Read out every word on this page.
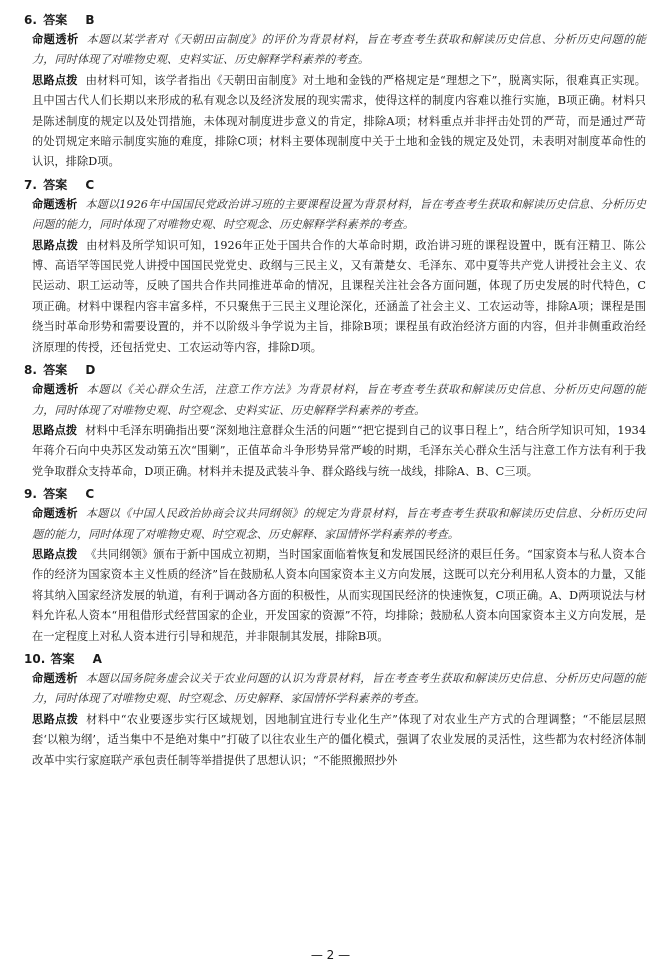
6. 答案 B

命题透析 本题以某学者对《天朝田亩制度》的评价为背景材料，旨在考查考生获取和解读历史信息、分析历史问题的能力，同时体现了对唯物史观、史料实证、历史解释学科素养的考查。

思路点拨 由材料可知，该学者指出《天朝田亩制度》对土地和金钱的严格规定是“理想之下”，脱离实际，很难真正实现。且中国古代人们长期以来形成的私有观念以及经济发展的现实需求，使得这样的制度内容难以推行实施，B项正确。材料只是陈述制度的规定以及处罚措施，未体现对制度进步意义的肯定，排除A项；材料重点并非抨击处罚的严苛，而是通过严苛的处罚规定来暗示制度实施的难度，排除C项；材料主要体现制度中关于土地和金钱的规定及处罚，未表明对制度革命性的认识，排除D项。

7. 答案 C

命题透析 本题以1926年中国国民党政治讲习班的主要课程设置为背景材料，旨在考查考生获取和解读历史信息、分析历史问题的能力，同时体现了对唯物史观、时空观念、历史解释学科素养的考查。

思路点拨 由材料及所学知识可知，1926年正处于国共合作的大革命时期，政治讲习班的课程设置中，既有汪精卫、陈公博、高语罕等国民党人讲授中国国民党党史、政纲与三民主义，又有萧楚女、毛泽东、邓中夏等共产党人讲授社会主义、农民运动、职工运动等，反映了国共合作共同推进革命的情况，且课程关注社会各方面问题，体现了历史发展的时代特色，C项正确。材料中课程内容丰富多样，不只聚焦于三民主义理论深化，还涵盖了社会主义、工农运动等，排除A项；课程是围绕当时革命形势和需要设置的，并不以阶级斗争学说为主旨，排除B项；课程虽有政治经济方面的内容，但并非侧重政治经济原理的传授，还包括党史、工农运动等内容，排除D项。

8. 答案 D

命题透析 本题以《关心群众生活，注意工作方法》为背景材料，旨在考查考生获取和解读历史信息、分析历史问题的能力，同时体现了对唯物史观、时空观念、史料实证、历史解释学科素养的考查。

思路点拨 材料中毛泽东明确指出要“深刻地注意群众生活的问题”“把它提到自己的议事日程上”，结合所学知识可知，1934年蒋介石向中央苏区发动第五次“围剿”，正值革命斗争形势异常严峻的时期，毛泽东关心群众生活与注意工作方法有利于我党争取群众支持革命，D项正确。材料并未提及武装斗争、群众路线与统一战线，排除A、B、C三项。

9. 答案 C

命题透析 本题以《中国人民政治协商会议共同纲领》的规定为背景材料，旨在考查考生获取和解读历史信息、分析历史问题的能力，同时体现了对唯物史观、时空观念、历史解释、家国情怀学科素养的考查。

思路点拨 《共同纲领》颁布于新中国成立初期，当时国家面临着恢复和发展国民经济的艰巨任务。“国家资本与私人资本合作的经济为国家资本主义性质的经济”旨在鼓励私人资本向国家资本主义方向发展，这既可以充分利用私人资本的力量，又能将其纳入国家经济发展的轨道，有利于调动各方面的积极性，从而实现国民经济的快速恢复，C项正确。A、D两项说法与材料允许私人资本“用租借形式经营国家的企业，开发国家的资源”不符，均排除；鼓励私人资本向国家资本主义方向发展，是在一定程度上对私人资本进行引导和规范，并非限制其发展，排除B项。

10. 答案 A

命题透析 本题以国务院务虚会议关于农业问题的认识为背景材料，旨在考查考生获取和解读历史信息、分析历史问题的能力，同时体现了对唯物史观、时空观念、历史解释、家国情怀学科素养的考查。

思路点拨 材料中“农业要逐步实行区域规划，因地制宜进行专业化生产”体现了对农业生产方式的合理调整；“不能层层照套‘以粮为纲’，适当集中不是绝对集中”打破了以往农业生产的僵化模式，强调了农业发展的灵活性，这些都为农村经济体制改革中实行家庭联产承包责任制等举措提供了思想认识；“不能照搬照抄外

— 2 —
